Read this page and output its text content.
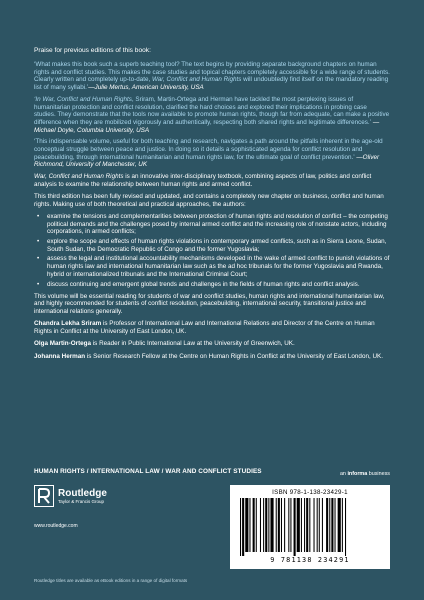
Praise for previous editions of this book:
‘What makes this book such a superb teaching tool? The text begins by providing separate background chapters on human rights and conflict studies. This makes the case studies and topical chapters completely accessible for a wide range of students. Clearly written and completely up-to-date, War, Conflict and Human Rights will undoubtedly find itself on the mandatory reading list of many syllabi.’—Julie Mertus, American University, USA
‘In War, Conflict and Human Rights, Sriram, Martin-Ortega and Herman have tackled the most perplexing issues of humanitarian protection and conflict resolution, clarified the hard choices and explored their implications in probing case studies. They demonstrate that the tools now available to promote human rights, though far from adequate, can make a positive difference when they are mobilized vigorously and authentically, respecting both shared rights and legitimate differences.’ —Michael Doyle, Columbia University, USA
‘This indispensable volume, useful for both teaching and research, navigates a path around the pitfalls inherent in the age-old conceptual struggle between peace and justice. In doing so it details a sophisticated agenda for conflict resolution and peacebuilding, through international humanitarian and human rights law, for the ultimate goal of conflict prevention.’ —Oliver Richmond, University of Manchester, UK
War, Conflict and Human Rights is an innovative inter-disciplinary textbook, combining aspects of law, politics and conflict analysis to examine the relationship between human rights and armed conflict.
This third edition has been fully revised and updated, and contains a completely new chapter on business, conflict and human rights. Making use of both theoretical and practical approaches, the authors:
• examine the tensions and complementarities between protection of human rights and resolution of conflict – the competing political demands and the challenges posed by internal armed conflict and the increasing role of nonstate actors, including corporations, in armed conflicts;
• explore the scope and effects of human rights violations in contemporary armed conflicts, such as in Sierra Leone, Sudan, South Sudan, the Democratic Republic of Congo and the former Yugoslavia;
• assess the legal and institutional accountability mechanisms developed in the wake of armed conflict to punish violations of human rights law and international humanitarian law such as the ad hoc tribunals for the former Yugoslavia and Rwanda, hybrid or internationalized tribunals and the International Criminal Court;
• discuss continuing and emergent global trends and challenges in the fields of human rights and conflict analysis.
This volume will be essential reading for students of war and conflict studies, human rights and international humanitarian law, and highly recommended for students of conflict resolution, peacebuilding, international security, transitional justice and international relations generally.
Chandra Lekha Sriram is Professor of International Law and International Relations and Director of the Centre on Human Rights in Conflict at the University of East London, UK.
Olga Martin-Ortega is Reader in Public International Law at the University of Greenwich, UK.
Johanna Herman is Senior Research Fellow at the Centre on Human Rights in Conflict at the University of East London, UK.
HUMAN RIGHTS / INTERNATIONAL LAW / WAR AND CONFLICT STUDIES	an informa business
Routledge
Taylor & Francis Group
www.routledge.com
ISBN 978-1-138-23429-1
9 781138 234291
Routledge titles are available as eBook editions in a range of digital formats
